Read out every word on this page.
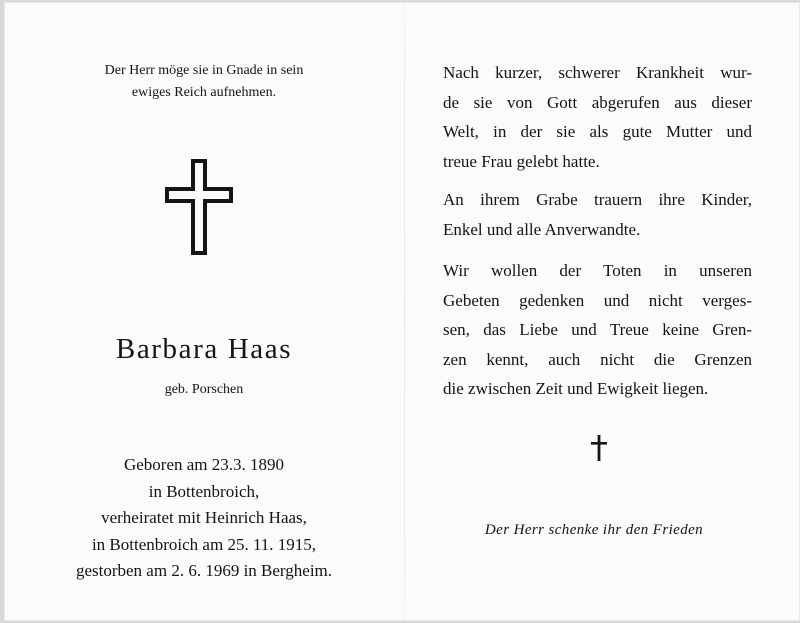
Der Herr möge sie in Gnade in sein
ewiges Reich aufnehmen.
Barbara Haas
geb. Porschen
Geboren am 23.3. 1890
in Bottenbroich,
verheiratet mit Heinrich Haas,
in Bottenbroich am 25. 11. 1915,
gestorben am 2. 6. 1969 in Bergheim.
Nach kurzer, schwerer Krankheit wur-
de sie von Gott abgerufen aus dieser
Welt, in der sie als gute Mutter und
treue Frau gelebt hatte.
An ihrem Grabe trauern ihre Kinder,
Enkel und alle Anverwandte.
Wir wollen der Toten in unseren
Gebeten gedenken und nicht verges-
sen, das Liebe und Treue keine Gren-
zen kennt, auch nicht die Grenzen
die zwischen Zeit und Ewigkeit liegen.
Der Herr schenke ihr den Frieden
